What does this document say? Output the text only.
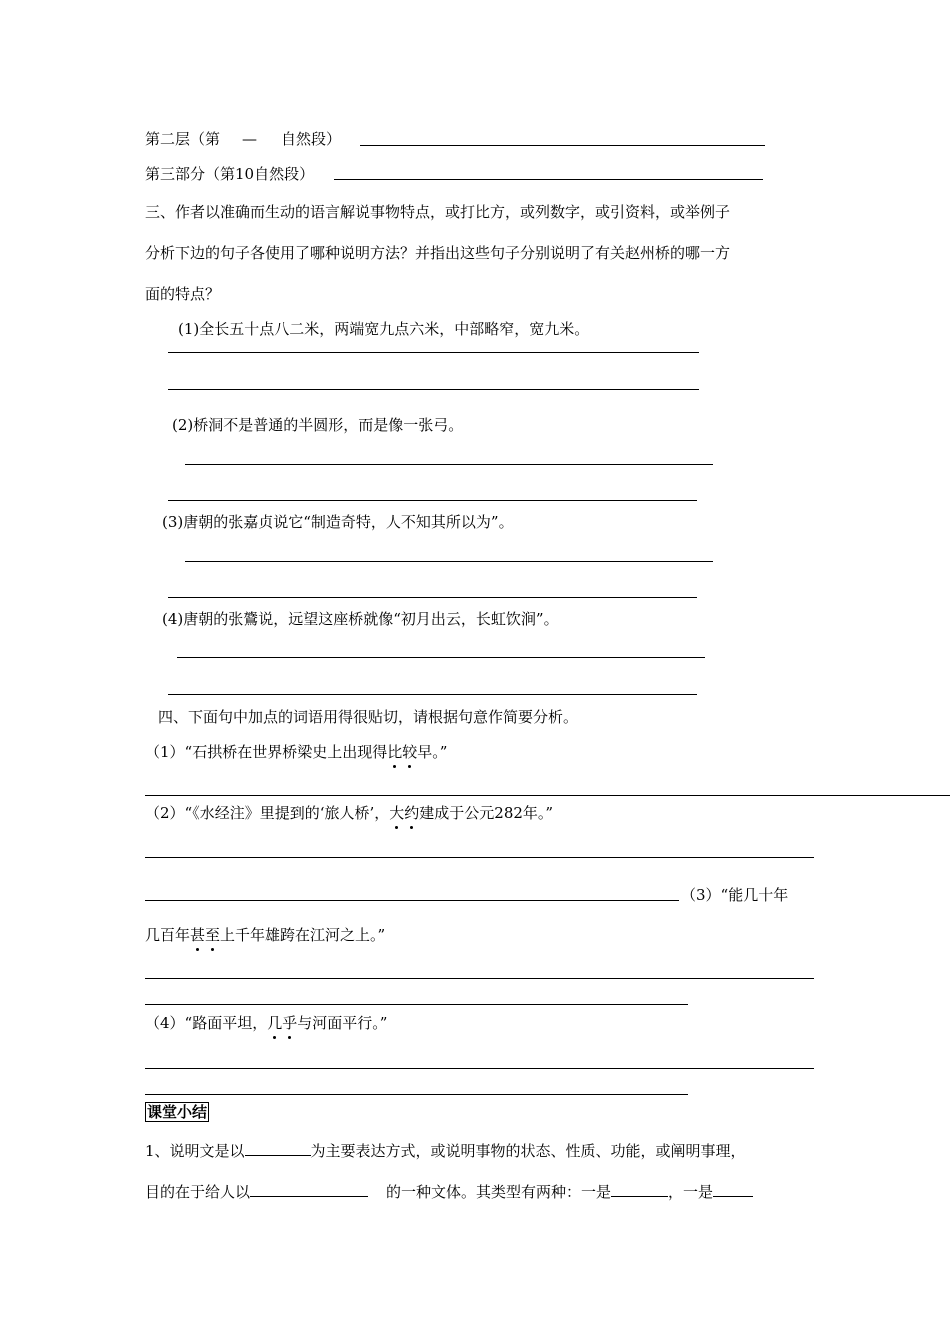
第二层（第 — 自然段）
第三部分（第10自然段）
三、作者以准确而生动的语言解说事物特点，或打比方，或列数字，或引资料，或举例子
分析下边的句子各使用了哪种说明方法？并指出这些句子分别说明了有关赵州桥的哪一方
面的特点？
(1)全长五十点八二米，两端宽九点六米，中部略窄，宽九米。
(2)桥洞不是普通的半圆形，而是像一张弓。
(3)唐朝的张嘉贞说它“制造奇特，人不知其所以为”。
(4)唐朝的张鷟说，远望这座桥就像“初月出云，长虹饮涧”。
四、下面句中加点的词语用得很贴切，请根据句意作简要分析。
（1）“石拱桥在世界桥梁史上出现得比较早。”
（2）“《水经注》里提到的‘旅人桥’，大约建成于公元282年。”
（3）“能几十年
几百年甚至上千年雄跨在江河之上。”
（4）“路面平坦，几乎与河面平行。”
课堂小结
1、说明文是以	为主要表达方式，或说明事物的状态、性质、功能，或阐明事理，
目的在于给人以	的一种文体。其类型有两种：一是	，一是
